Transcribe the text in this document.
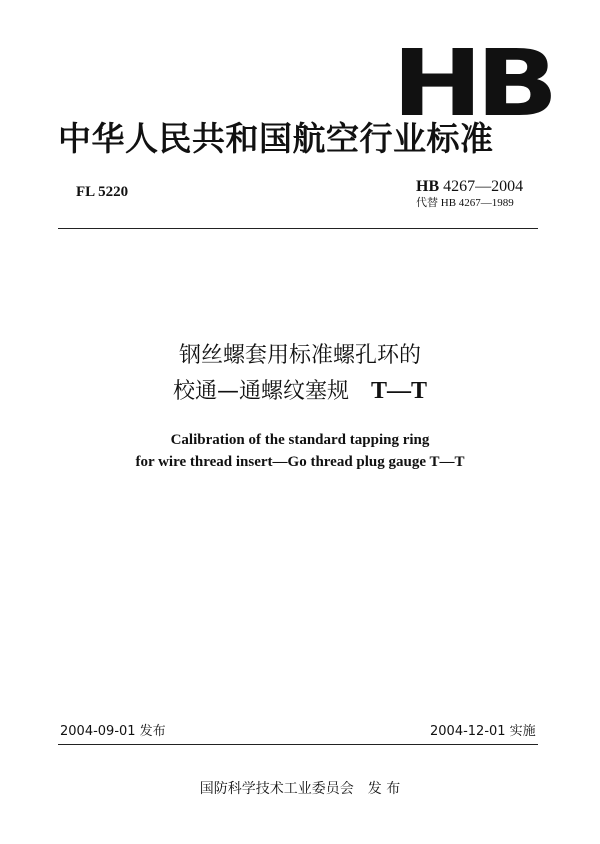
HB
中华人民共和国航空行业标准
FL 5220	HB 4267—2004
代替 HB 4267—1989
钢丝螺套用标准螺孔环的
校通—通螺纹塞规 T—T
Calibration of the standard tapping ring
for wire thread insert—Go thread plug gauge T—T
2004-09-01 发布	2004-12-01 实施
国防科学技术工业委员会 发 布
